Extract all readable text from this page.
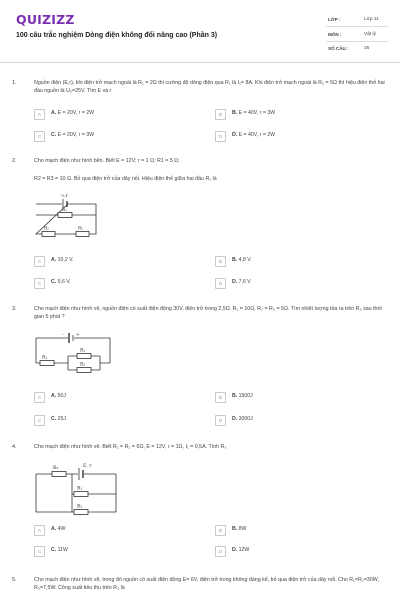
QUIZIZZ
100 câu trắc nghiệm Dòng điện không đổi nâng cao (Phần 3)
LỚP :	Lớp 11
MÔN :	Vật lý
SỐ CÂU :	25
1.	Nguồn điện (E,r), khi điện trở mạch ngoài là R₁ = 2Ω thì cường độ dòng điện qua R₁ là I₁= 8A. Khi điện trở mạch ngoài là R₂ = 5Ω thì hiệu điện thế hai đầu nguồn là U₂=25V. Tìm E và r
A	A. E = 20V, r = 2W	B	B. E = 40V, r = 3W
C	C. E = 20V, r = 3W	D	D. E = 40V, r = 2W
2.	Cho mạch điện như hình bên. Biết E = 12V; r = 1 Ω; R1 = 5 Ω;
R2 = R3 = 10 Ω. Bỏ qua điện trở của dây nối. Hiệu điện thế giữa hai đầu R₁ là
℅,r
R₁
R₂	R₃
A	A. 10,2 V.	B	B. 4,8 V.
C	C. 9,6 V.	D	D. 7,6 V
3.	Cho mạch điện như hình vẽ, nguồn điện có suất điện động 30V, điện trở trong 2,5Ω. R₁ = 10Ω, R₂ = R₃ = 5Ω. Tìm nhiệt lượng tỏa ra trên R₃ sau thời gian 5 phút ?
-	+
R₁
R₂
R₃
A	A. 50J	B	B. 1500J
C	C. 25J	D	D. 3000J
4.	Cho mạch điện như hình vẽ. Biết R₁ = R₂ = 6Ω, E = 12V, r = 1Ω, I₁ = 0,5A. Tính R₃
R₃	E, r
R₁
R₂
A	A. 4W	B	B. 8W
C	C. 11W	D	D. 12W
5.	Cho mạch điện như hình vẽ, trong đó nguồn có suất điện động E= 6V, điện trở trong không đáng kể, bỏ qua điện trở của dây nối. Cho R₁=R₂=30W, R₃=7,5W. Công suất tiêu thụ trên R₃ là
